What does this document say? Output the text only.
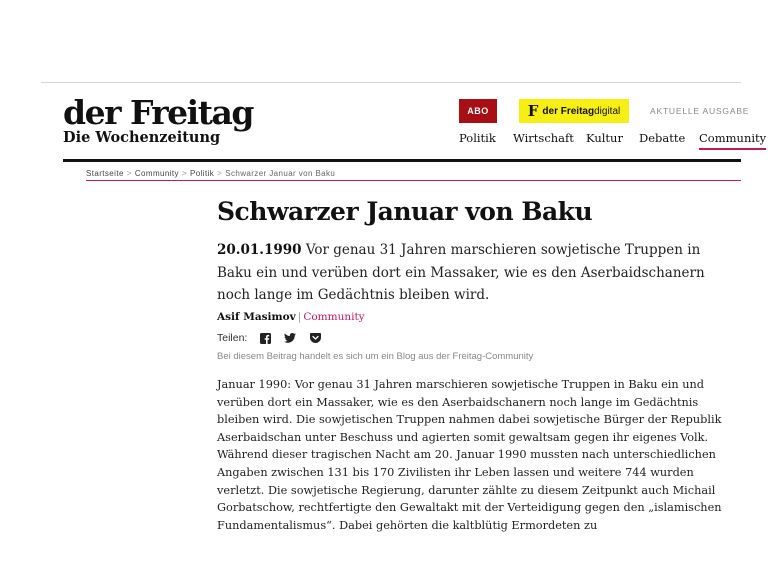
der Freitag
Die Wochenzeitung
ABO	F der Freitagdigital	AKTUELLE AUSGABE
Politik Wirtschaft Kultur Debatte Community
Startseite > Community > Politik > Schwarzer Januar von Baku
Schwarzer Januar von Baku

20.01.1990 Vor genau 31 Jahren marschieren sowjetische Truppen in Baku ein und verüben dort ein Massaker, wie es den Aserbaidschanern noch lange im Gedächtnis bleiben wird.

Asif Masimov | Community
Teilen:
Bei diesem Beitrag handelt es sich um ein Blog aus der Freitag-Community
Januar 1990: Vor genau 31 Jahren marschieren sowjetische Truppen in Baku ein und verüben dort ein Massaker, wie es den Aserbaidschanern noch lange im Gedächtnis bleiben wird. Die sowjetischen Truppen nahmen dabei sowjetische Bürger der Republik Aserbaidschan unter Beschuss und agierten somit gewaltsam gegen ihr eigenes Volk. Während dieser tragischen Nacht am 20. Januar 1990 mussten nach unterschiedlichen Angaben zwischen 131 bis 170 Zivilisten ihr Leben lassen und weitere 744 wurden verletzt. Die sowjetische Regierung, darunter zählte zu diesem Zeitpunkt auch Michail Gorbatschow, rechtfertigte den Gewaltakt mit der Verteidigung gegen den „islamischen Fundamentalismus“. Dabei gehörten die kaltblütig Ermordeten zu
